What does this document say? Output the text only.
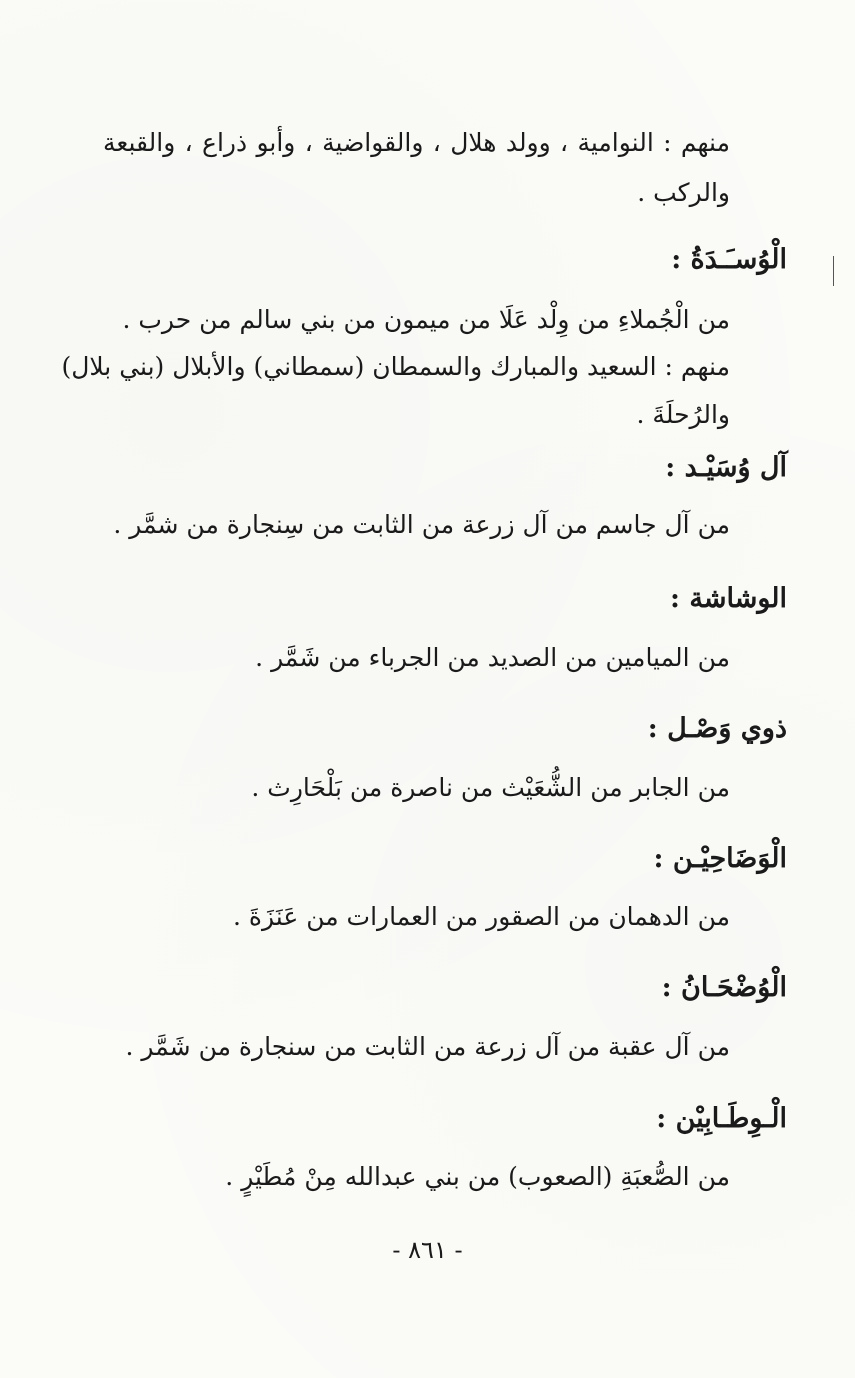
منهم : النوامية ، وولد هلال ، والقواضية ، وأبو ذراع ، والقبعة
والركب .
الْوُسـَـدَةُ :
من الْجُملاءِ من وِلْد عَلَا من ميمون من بني سالم من حرب .
منهم : السعيد والمبارك والسمطان (سمطاني) والأبلال (بني بلال)
والرُحلَةَ .
آل وُسَيْـد :
من آل جاسم من آل زرعة من الثابت من سِنجارة من شمَّر .
الوشاشة :
من الميامين من الصديد من الجرباء من شَمَّر .
ذوي وَصْـل :
من الجابر من الشُّعَيْث من ناصرة من بَلْحَارِث .
الْوَضَاحِيْـن :
من الدهمان من الصقور من العمارات من عَنَزَةَ .
الْوُضْحَـانُ :
من آل عقبة من آل زرعة من الثابت من سنجارة من شَمَّر .
الْـوِطَـابِيْن :
من الصُّعبَةِ (الصعوب) من بني عبدالله مِنْ مُطَيْرٍ .
- ٨٦١ -
